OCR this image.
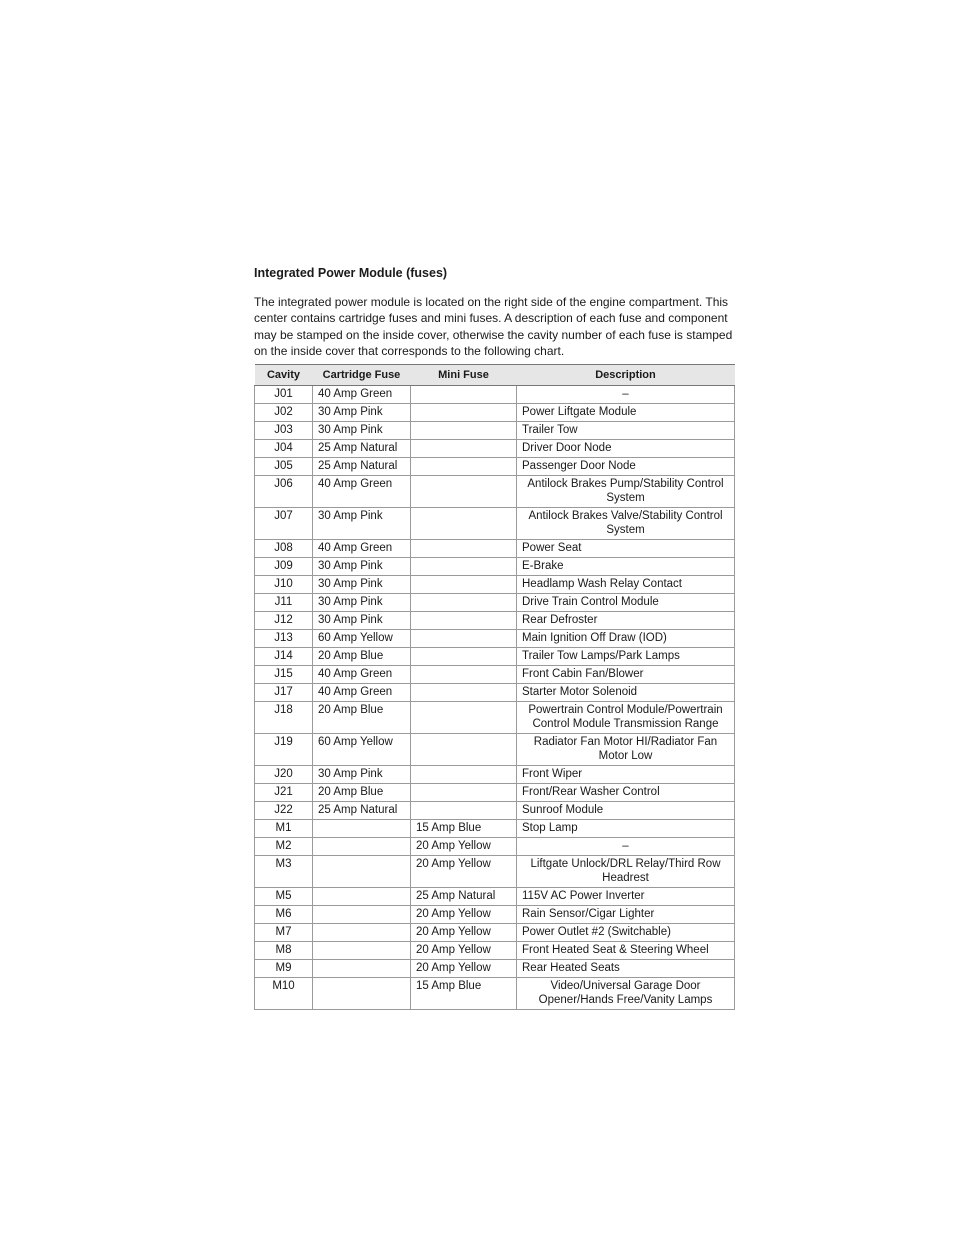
Integrated Power Module (fuses)

The integrated power module is located on the right side of the engine compartment. This center contains cartridge fuses and mini fuses. A description of each fuse and component may be stamped on the inside cover, otherwise the cavity number of each fuse is stamped on the inside cover that corresponds to the following chart.

Cavity	Cartridge Fuse	Mini Fuse	Description
J01	40 Amp Green		–
J02	30 Amp Pink		Power Liftgate Module
J03	30 Amp Pink		Trailer Tow
J04	25 Amp Natural		Driver Door Node
J05	25 Amp Natural		Passenger Door Node
J06	40 Amp Green		Antilock Brakes Pump/Stability Control System
J07	30 Amp Pink		Antilock Brakes Valve/Stability Control System
J08	40 Amp Green		Power Seat
J09	30 Amp Pink		E-Brake
J10	30 Amp Pink		Headlamp Wash Relay Contact
J11	30 Amp Pink		Drive Train Control Module
J12	30 Amp Pink		Rear Defroster
J13	60 Amp Yellow		Main Ignition Off Draw (IOD)
J14	20 Amp Blue		Trailer Tow Lamps/Park Lamps
J15	40 Amp Green		Front Cabin Fan/Blower
J17	40 Amp Green		Starter Motor Solenoid
J18	20 Amp Blue		Powertrain Control Module/Powertrain Control Module Transmission Range
J19	60 Amp Yellow		Radiator Fan Motor HI/Radiator Fan Motor Low
J20	30 Amp Pink		Front Wiper
J21	20 Amp Blue		Front/Rear Washer Control
J22	25 Amp Natural		Sunroof Module
M1		15 Amp Blue	Stop Lamp
M2		20 Amp Yellow	–
M3		20 Amp Yellow	Liftgate Unlock/DRL Relay/Third Row Headrest
M5		25 Amp Natural	115V AC Power Inverter
M6		20 Amp Yellow	Rain Sensor/Cigar Lighter
M7		20 Amp Yellow	Power Outlet #2 (Switchable)
M8		20 Amp Yellow	Front Heated Seat & Steering Wheel
M9		20 Amp Yellow	Rear Heated Seats
M10		15 Amp Blue	Video/Universal Garage Door Opener/Hands Free/Vanity Lamps
